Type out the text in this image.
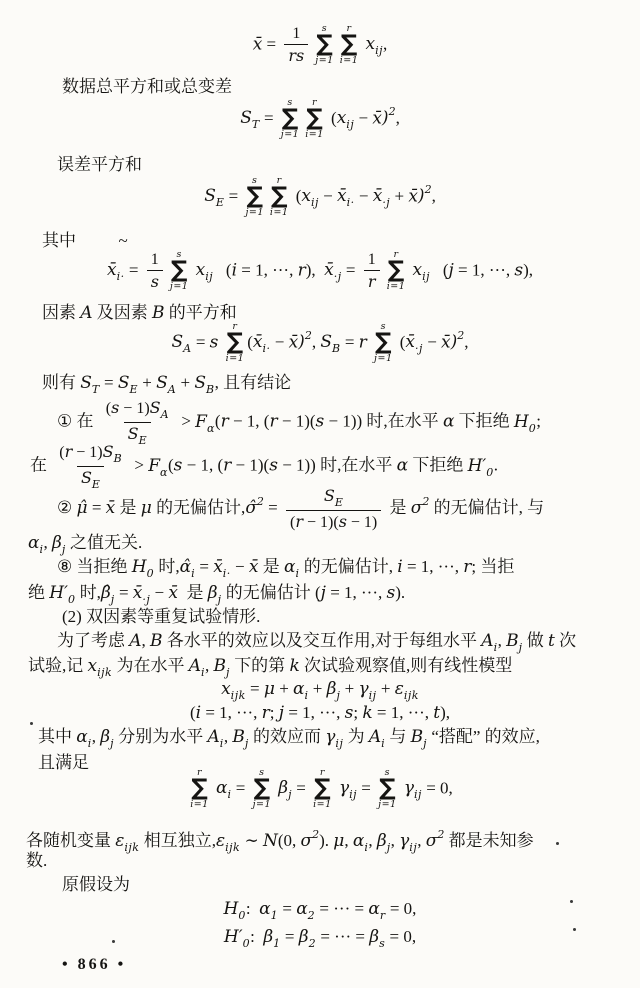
x̄ = $\frac{1}{rs}$ s
∑
j=1
r
∑
i=1
$x_{ij}$,
数据总平方和或总变差
$S_T$ =
s
∑
j=1
r
∑
i=1
($x_{ij}$ − x̄)$^2$,
误差平方和
$S_E$ =
s
∑
j=1
r
∑
i=1
($x_{ij}$ − $x̄_{i\cdot}$ − $x̄_{\cdot j}$ + x̄)$^2$,
其中          ~
$x̄_{i\cdot} = \frac{1}{s}$ s
∑
j=1
$x_{ij}$   (i = 1, ···, r),  $x̄_{\cdot j} = \frac{1}{r}$ r
∑
i=1
$x_{ij}$   (j = 1, ···, s),
因素 A 及因素 B 的平方和
$S_A = s$
r
∑
i=1
($x̄_{i\cdot}$ − x̄)$^2$, $S_B = r$
s
∑
j=1
($x̄_{\cdot j}$ − x̄)$^2$,
则有 $S_T = S_E + S_A + S_B$, 且有结论
① 在 $\frac{(s - 1)S_A}{S_E} > F_\alpha(r - 1$, (r − 1)(s − 1)) 时,在水平 α 下拒绝 $H_0$;
在 $\frac{(r - 1)S_B}{S_E} > F_\alpha(s - 1$, (r − 1)(s − 1)) 时,在水平 α 下拒绝 $H'_0$.
② μ̂ = x̄ 是 μ 的无偏估计,σ̂$^2$ = $\frac{S_E}{(r - 1)(s - 1)}$ 是 $\sigma^2$ 的无偏估计, 与
$\alpha_i$, $\beta_j$ 之值无关.
⑧ 当拒绝 $H_0$ 时$,\alphâ_i$ = $x̄_{i\cdot}$ − x̄ 是 $\alpha_i$ 的无偏估计, i = 1, ···, r; 当拒
绝 $H'_0$ 时$,\betâ_j$ = $x̄_{\cdot j}$ − x̄  是 $\beta_j$ 的无偏估计 (j = 1, ···, s).
(2) 双因素等重复试验情形.
为了考虑 A, B 各水平的效应以及交互作用,对于每组水平 $A_i$, $B_j$ 做 t 次
试验,记 $x_{ijk}$ 为在水平 $A_i$, $B_j$ 下的第 k 次试验观察值,则有线性模型
$x_{ijk} = \mu + \alpha_i + \beta_j + \gamma_{ij} + \varepsilon_{ijk}$
(i = 1, ···, r; j = 1, ···, s; k = 1, ···, t),
其中 $\alpha_i$, $\beta_j$ 分别为水平 $A_i$, $B_j$ 的效应而 $\gamma_{ij}$ 为 $A_i$ 与 $B_j$ “搭配” 的效应,
且满足
r
∑
i=1
$\alpha_i$ =
s
∑
j=1
$\beta_j$ =
r
∑
i=1
$\gamma_{ij}$ =
s
∑
j=1
$\gamma_{ij} = 0$,
各随机变量 $\varepsilon_{ijk}$ 相互独立$,\varepsilon_{ijk}$ ∼ N(0, $\sigma^2$). μ, $\alpha_i$, $\beta_j$, $\gamma_{ij}$, $\sigma^2$ 都是未知参
数.
原假设为
$H_0$:  $\alpha_1 = \alpha_2$ = ··· = $\alpha_r = 0$,
$H'_0$:  $\beta_1 = \beta_2$ = ··· = $\beta_s = 0$,
• 866 •
